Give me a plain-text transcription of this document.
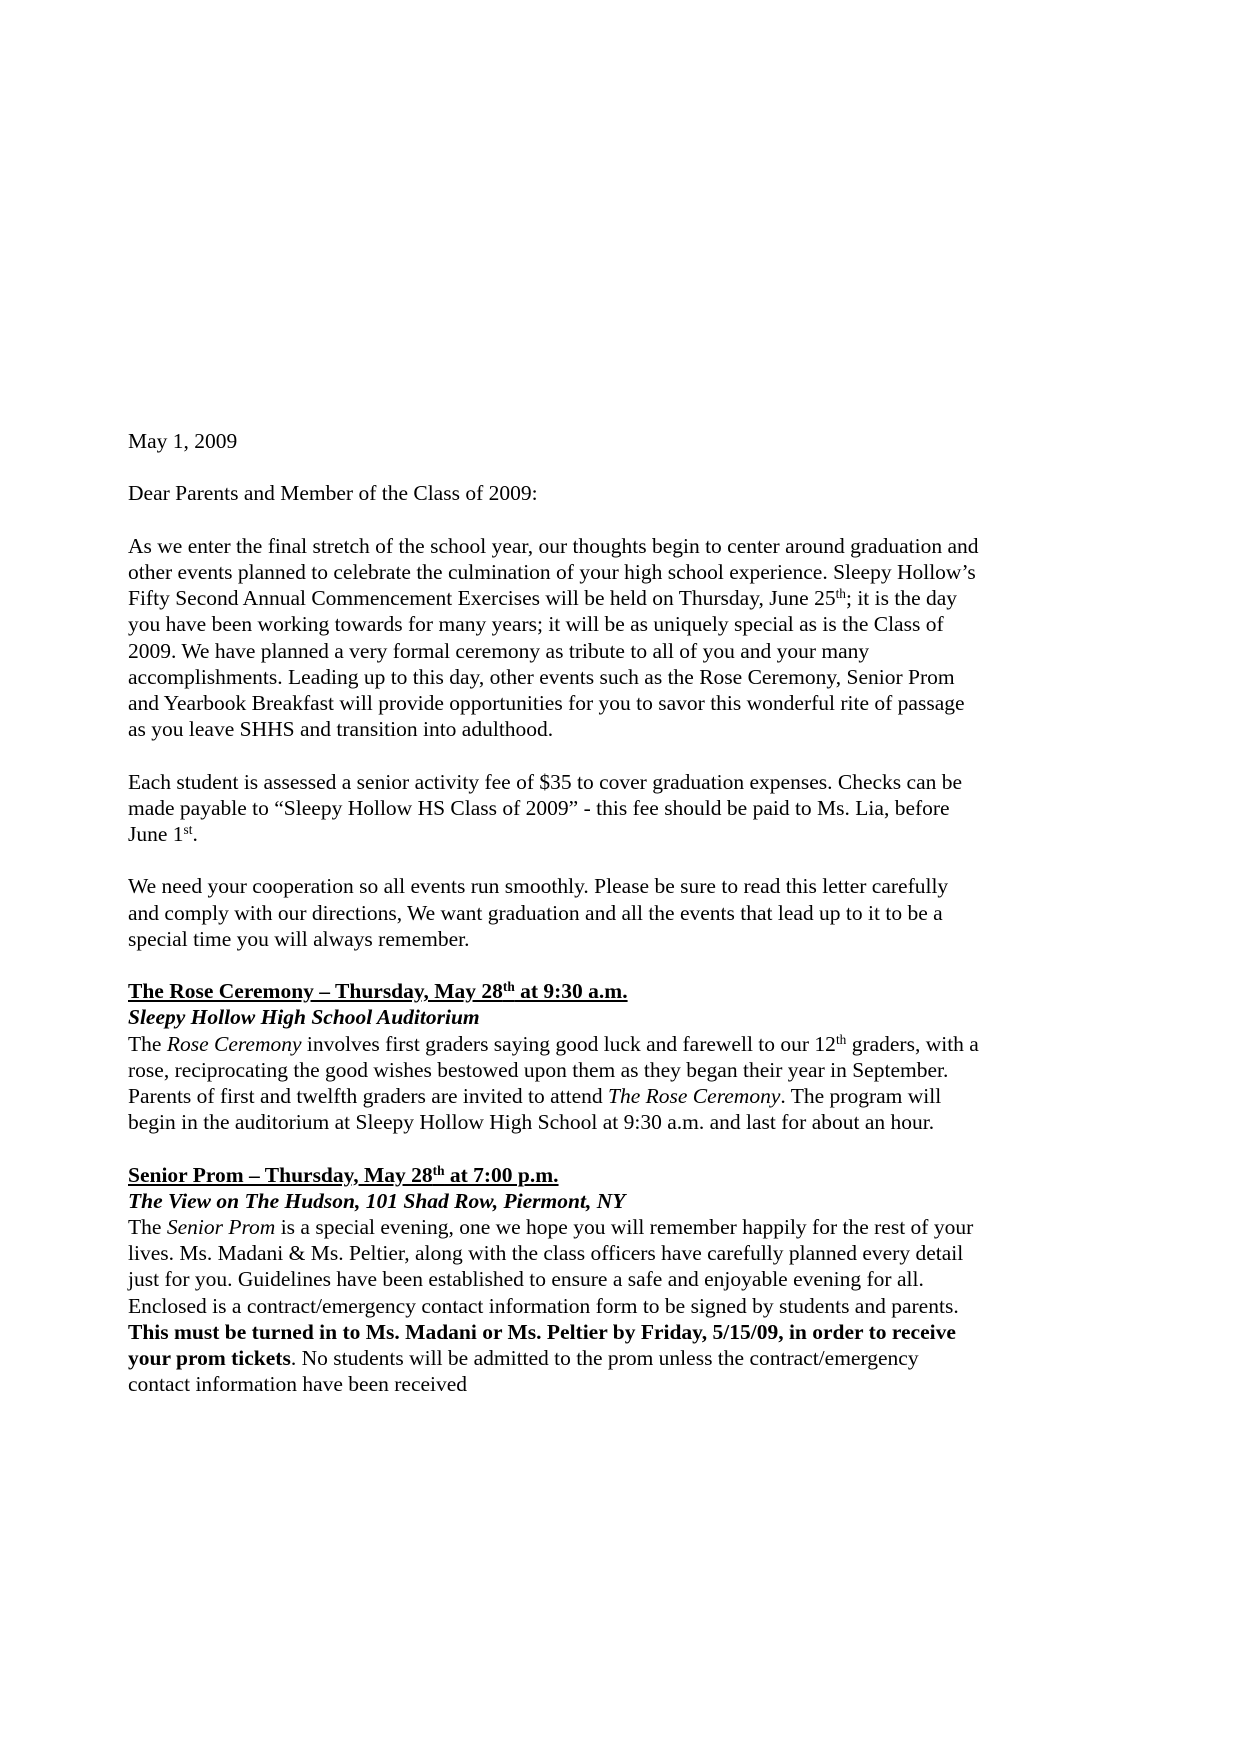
May 1, 2009

Dear Parents and Member of the Class of 2009:

As we enter the final stretch of the school year, our thoughts begin to center around graduation and other events planned to celebrate the culmination of your high school experience. Sleepy Hollow’s Fifty Second Annual Commencement Exercises will be held on Thursday, June 25th; it is the day you have been working towards for many years; it will be as uniquely special as is the Class of 2009. We have planned a very formal ceremony as tribute to all of you and your many accomplishments. Leading up to this day, other events such as the Rose Ceremony, Senior Prom and Yearbook Breakfast will provide opportunities for you to savor this wonderful rite of passage as you leave SHHS and transition into adulthood.

Each student is assessed a senior activity fee of $35 to cover graduation expenses. Checks can be made payable to “Sleepy Hollow HS Class of 2009” - this fee should be paid to Ms. Lia, before June 1st.

We need your cooperation so all events run smoothly. Please be sure to read this letter carefully and comply with our directions, We want graduation and all the events that lead up to it to be a special time you will always remember.

The Rose Ceremony – Thursday, May 28th at 9:30 a.m.

Sleepy Hollow High School Auditorium

The Rose Ceremony involves first graders saying good luck and farewell to our 12th graders, with a rose, reciprocating the good wishes bestowed upon them as they began their year in September. Parents of first and twelfth graders are invited to attend The Rose Ceremony. The program will begin in the auditorium at Sleepy Hollow High School at 9:30 a.m. and last for about an hour.

Senior Prom – Thursday, May 28th at 7:00 p.m.

The View on The Hudson, 101 Shad Row, Piermont, NY

The Senior Prom is a special evening, one we hope you will remember happily for the rest of your lives. Ms. Madani & Ms. Peltier, along with the class officers have carefully planned every detail just for you. Guidelines have been established to ensure a safe and enjoyable evening for all. Enclosed is a contract/emergency contact information form to be signed by students and parents. This must be turned in to Ms. Madani or Ms. Peltier by Friday, 5/15/09, in order to receive your prom tickets. No students will be admitted to the prom unless the contract/emergency contact information have been received
